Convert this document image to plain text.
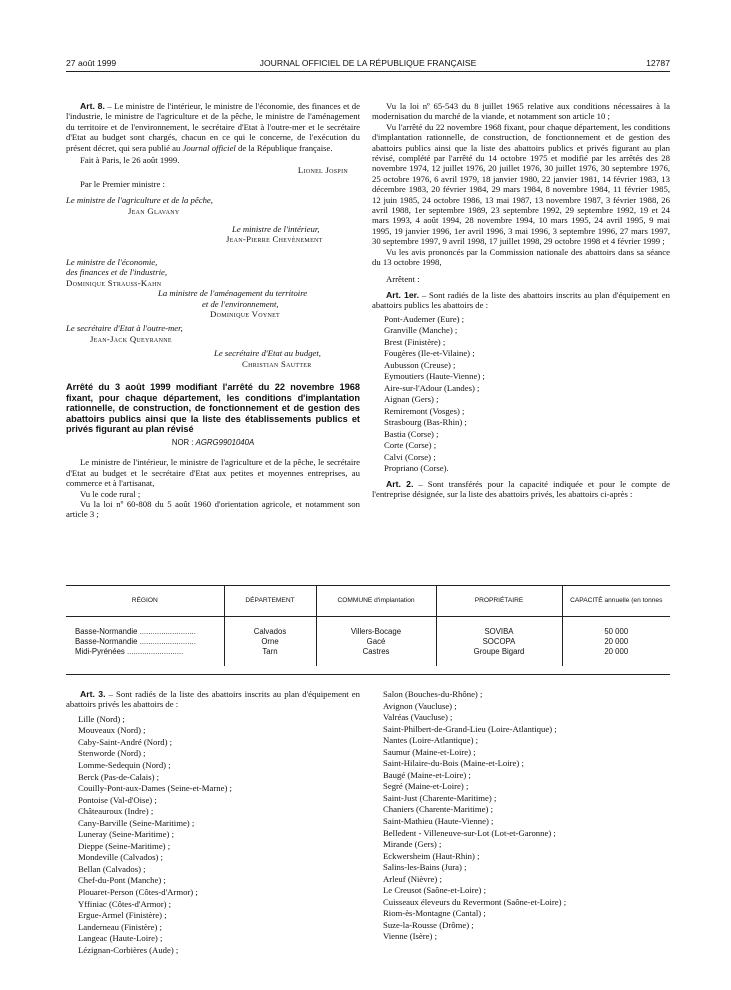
27 août 1999	JOURNAL OFFICIEL DE LA RÉPUBLIQUE FRANÇAISE	12787

Art. 8. – Le ministre de l'intérieur, le ministre de l'économie, des finances et de l'industrie, le ministre de l'agriculture et de la pêche, le ministre de l'aménagement du territoire et de l'environnement, le secrétaire d'Etat à l'outre-mer et le secrétaire d'Etat au budget sont chargés, chacun en ce qui le concerne, de l'exécution du présent décret, qui sera publié au Journal officiel de la République française.

Fait à Paris, le 26 août 1999.

Lionel Jospin

Par le Premier ministre :

Le ministre de l'agriculture et de la pêche,

Jean Glavany

Le ministre de l'intérieur,

Jean-Pierre Chevènement

Le ministre de l'économie,

des finances et de l'industrie,

Dominique Strauss-Kahn

La ministre de l'aménagement du territoire

et de l'environnement,

Dominique Voynet

Le secrétaire d'Etat à l'outre-mer,

Jean-Jack Queyranne

Le secrétaire d'Etat au budget,

Christian Sautter

Arrêté du 3 août 1999 modifiant l'arrêté du 22 novembre 1968 fixant, pour chaque département, les conditions d'implantation rationnelle, de construction, de fonctionnement et de gestion des abattoirs publics ainsi que la liste des établissements publics et privés figurant au plan révisé

NOR : AGRG9901040A

Le ministre de l'intérieur, le ministre de l'agriculture et de la pêche, le secrétaire d'Etat au budget et le secrétaire d'Etat aux petites et moyennes entreprises, au commerce et à l'artisanat,

Vu le code rural ;

Vu la loi nº 60-808 du 5 août 1960 d'orientation agricole, et notamment son article 3 ;

Vu la loi nº 65-543 du 8 juillet 1965 relative aux conditions nécessaires à la modernisation du marché de la viande, et notamment son article 10 ;

Vu l'arrêté du 22 novembre 1968 fixant, pour chaque département, les conditions d'implantation rationnelle, de construction, de fonctionnement et de gestion des abattoirs publics ainsi que la liste des abattoirs publics et privés figurant au plan révisé, complété par l'arrêté du 14 octobre 1975 et modifié par les arrêtés des 28 novembre 1974, 12 juillet 1976, 20 juillet 1976, 30 juillet 1976, 30 septembre 1976, 25 octobre 1976, 6 avril 1979, 18 janvier 1980, 22 janvier 1981, 14 février 1983, 13 décembre 1983, 20 février 1984, 29 mars 1984, 8 novembre 1984, 11 février 1985, 12 juin 1985, 24 octobre 1986, 13 mai 1987, 13 novembre 1987, 3 février 1988, 26 avril 1988, 1er septembre 1989, 23 septembre 1992, 29 septembre 1992, 19 et 24 mars 1993, 4 août 1994, 28 novembre 1994, 10 mars 1995, 24 avril 1995, 9 mai 1995, 19 janvier 1996, 1er avril 1996, 3 mai 1996, 3 septembre 1996, 27 mars 1997, 30 septembre 1997, 9 avril 1998, 17 juillet 1998, 29 octobre 1998 et 4 février 1999 ;

Vu les avis prononcés par la Commission nationale des abattoirs dans sa séance du 13 octobre 1998,

Arrêtent :

Art. 1er. – Sont radiés de la liste des abattoirs inscrits au plan d'équipement en abattoirs publics les abattoirs de :

Pont-Audemer (Eure) ;
Granville (Manche) ;
Brest (Finistère) ;
Fougères (Ile-et-Vilaine) ;
Aubusson (Creuse) ;
Eymoutiers (Haute-Vienne) ;
Aire-sur-l'Adour (Landes) ;
Aignan (Gers) ;
Remiremont (Vosges) ;
Strasbourg (Bas-Rhin) ;
Bastia (Corse) ;
Corte (Corse) ;
Calvi (Corse) ;
Propriano (Corse).

Art. 2. – Sont transférés pour la capacité indiquée et pour le compte de l'entreprise désignée, sur la liste des abattoirs privés, les abattoirs ci-après :

RÉGION	DÉPARTEMENT	COMMUNE d'implantation	PROPRIÉTAIRE	CAPACITÉ annuelle (en tonnes
Basse-Normandie ..........................	Calvados	Villers-Bocage	SOVIBA	50 000
Basse-Normandie ..........................	Orne	Gacé	SOCOPA	20 000
Midi-Pyrénées ..........................	Tarn	Castres	Groupe Bigard	20 000

Art. 3. – Sont radiés de la liste des abattoirs inscrits au plan d'équipement en abattoirs privés les abattoirs de :

Lille (Nord) ;
Mouveaux (Nord) ;
Caby-Saint-André (Nord) ;
Stenworde (Nord) ;
Lomme-Sedequin (Nord) ;
Berck (Pas-de-Calais) ;
Couilly-Pont-aux-Dames (Seine-et-Marne) ;
Pontoise (Val-d'Oise) ;
Châteauroux (Indre) ;
Cany-Barville (Seine-Maritime) ;
Luneray (Seine-Maritime) ;
Dieppe (Seine-Maritime) ;
Mondeville (Calvados) ;
Bellan (Calvados) ;
Chef-du-Pont (Manche) ;
Plouaret-Person (Côtes-d'Armor) ;
Yffiniac (Côtes-d'Armor) ;
Ergue-Armel (Finistère) ;
Landerneau (Finistère) ;
Langeac (Haute-Loire) ;
Lézignan-Corbières (Aude) ;
Salon (Bouches-du-Rhône) ;
Avignon (Vaucluse) ;
Valréas (Vaucluse) ;
Saint-Philbert-de-Grand-Lieu (Loire-Atlantique) ;
Nantes (Loire-Atlantique) ;
Saumur (Maine-et-Loire) ;
Saint-Hilaire-du-Bois (Maine-et-Loire) ;
Baugé (Maine-et-Loire) ;
Segré (Maine-et-Loire) ;
Saint-Just (Charente-Maritime) ;
Chaniers (Charente-Maritime) ;
Saint-Mathieu (Haute-Vienne) ;
Belledent - Villeneuve-sur-Lot (Lot-et-Garonne) ;
Mirande (Gers) ;
Eckwersheim (Haut-Rhin) ;
Salins-les-Bains (Jura) ;
Arleuf (Nièvre) ;
Le Creusot (Saône-et-Loire) ;
Cuisseaux éleveurs du Revermont (Saône-et-Loire) ;
Riom-ès-Montagne (Cantal) ;
Suze-la-Rousse (Drôme) ;
Vienne (Isère) ;
